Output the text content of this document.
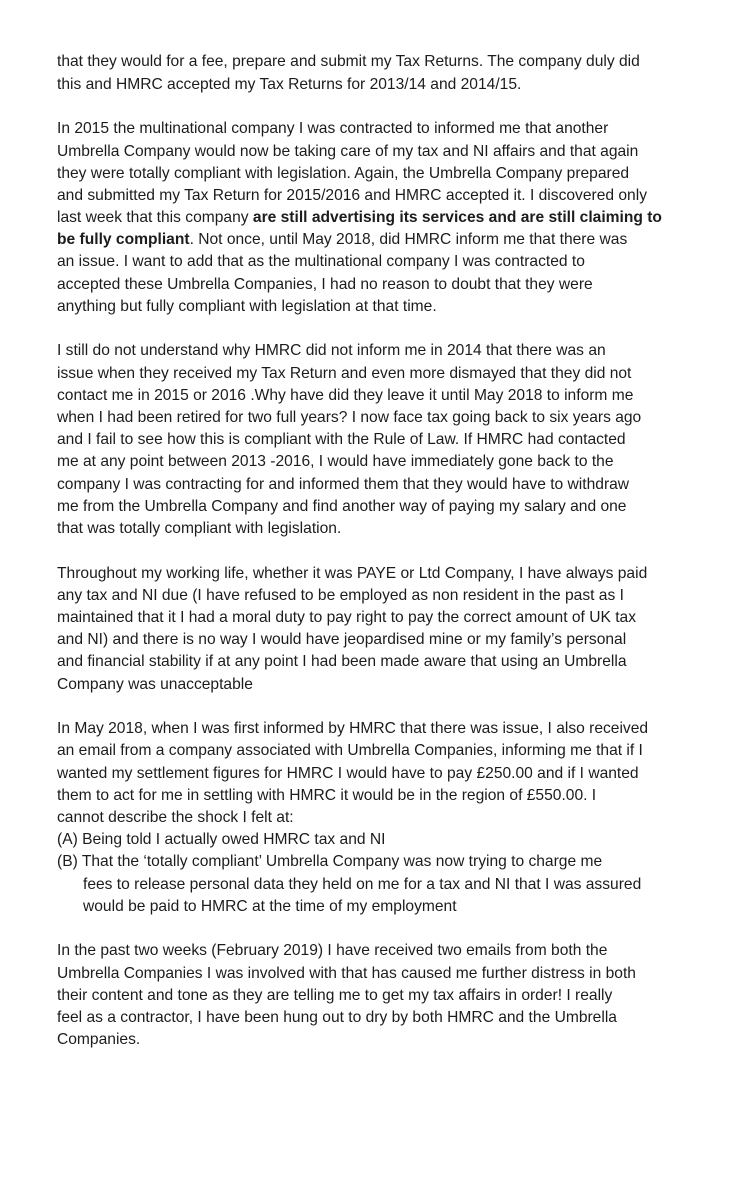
that they would for a fee, prepare and submit my Tax Returns. The company duly did
this and HMRC accepted my Tax Returns for 2013/14 and 2014/15.
In 2015 the multinational company I was contracted to informed me that another
Umbrella Company would now be taking care of my tax and NI affairs and that again
they were totally compliant with legislation. Again, the Umbrella Company prepared
and submitted my Tax Return for 2015/2016 and HMRC accepted it. I discovered only
last week that this company are still advertising its services and are still claiming to
be fully compliant. Not once, until May 2018, did HMRC inform me that there was
an issue. I want to add that as the multinational company I was contracted to
accepted these Umbrella Companies, I had no reason to doubt that they were
anything but fully compliant with legislation at that time.
I still do not understand why HMRC did not inform me in 2014 that there was an
issue when they received my Tax Return and even more dismayed that they did not
contact me in 2015 or 2016 .Why have did they leave it until May 2018 to inform me
when I had been retired for two full years? I now face tax going back to six years ago
and I fail to see how this is compliant with the Rule of Law. If HMRC had contacted
me at any point between 2013 -2016, I would have immediately gone back to the
company I was contracting for and informed them that they would have to withdraw
me from the Umbrella Company and find another way of paying my salary and one
that was totally compliant with legislation.
Throughout my working life, whether it was PAYE or Ltd Company, I have always paid
any tax and NI due (I have refused to be employed as non resident in the past as I
maintained that it I had a moral duty to pay right to pay the correct amount of UK tax
and NI) and there is no way I would have jeopardised mine or my family’s personal
and financial stability if at any point I had been made aware that using an Umbrella
Company was unacceptable
In May 2018, when I was first informed by HMRC that there was issue, I also received
an email from a company associated with Umbrella Companies, informing me that if I
wanted my settlement figures for HMRC I would have to pay £250.00 and if I wanted
them to act for me in settling with HMRC it would be in the region of £550.00. I
cannot describe the shock I felt at:
(A) Being told I actually owed HMRC tax and NI
(B) That the ‘totally compliant’ Umbrella Company was now trying to charge me
fees to release personal data they held on me for a tax and NI that I was assured
would be paid to HMRC at the time of my employment
In the past two weeks (February 2019) I have received two emails from both the
Umbrella Companies I was involved with that has caused me further distress in both
their content and tone as they are telling me to get my tax affairs in order! I really
feel as a contractor, I have been hung out to dry by both HMRC and the Umbrella
Companies.
